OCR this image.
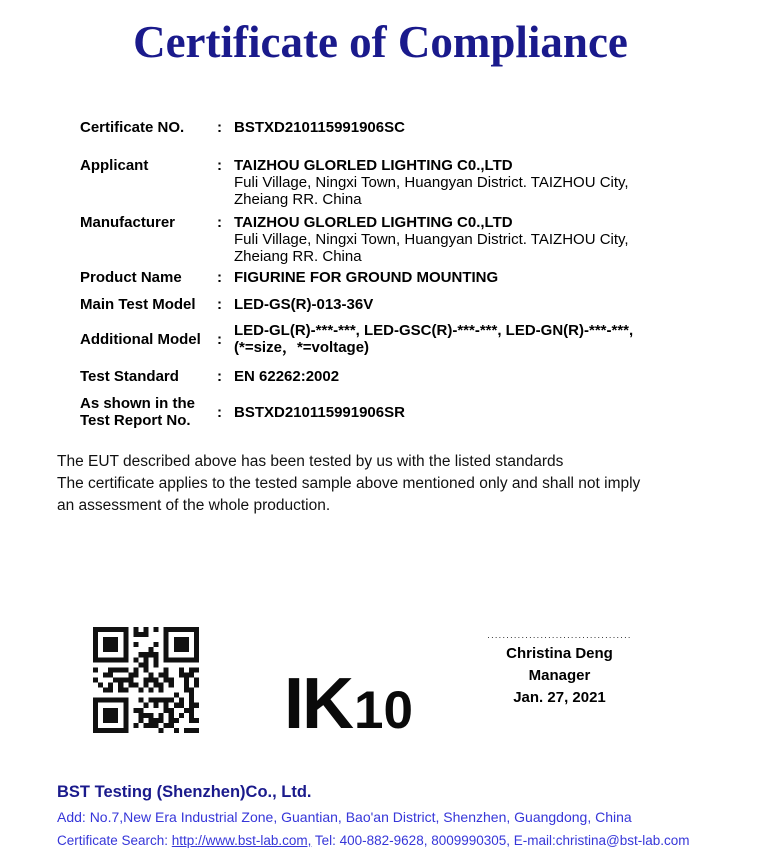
Certificate of Compliance
Certificate NO.	: BSTXD210115991906SC
Applicant	: TAIZHOU GLORLED LIGHTING C0.,LTD
Fuli Village, Ningxi Town, Huangyan District. TAIZHOU City,
Zheiang RR. China
Manufacturer	: TAIZHOU GLORLED LIGHTING C0.,LTD
Fuli Village, Ningxi Town, Huangyan District. TAIZHOU City,
Zheiang RR. China
Product Name	: FIGURINE FOR GROUND MOUNTING
Main Test Model	: LED-GS(R)-013-36V
Additional Model	: LED-GL(R)-***-***, LED-GSC(R)-***-***, LED-GN(R)-***-***,
(*=size，*=voltage)
Test Standard	: EN 62262:2002
As shown in the Test Report No.	: BSTXD210115991906SR
The EUT described above has been tested by us with the listed standards
The certificate applies to the tested sample above mentioned only and shall not imply
an assessment of the whole production.
IK 10
......................................
Christina Deng
Manager
Jan. 27, 2021
BST Testing (Shenzhen)Co., Ltd.
Add: No.7,New Era Industrial Zone, Guantian, Bao'an District, Shenzhen, Guangdong, China
Certificate Search: http://www.bst-lab.com, Tel: 400-882-9628, 8009990305, E-mail:christina@bst-lab.com
